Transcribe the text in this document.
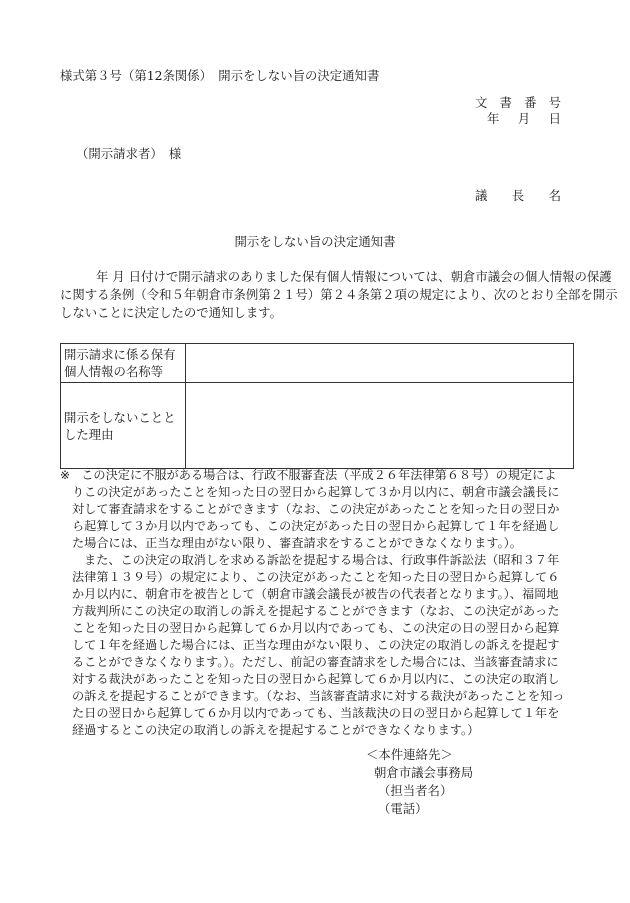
様式第３号（第12条関係）　開示をしない旨の決定通知書
文 書 番 号
年 月 日
（開示請求者）　様
議 長 名
開示をしない旨の決定通知書
年 月 日付けで開示請求のありました保有個人情報については、朝倉市議会の個人情報の保護
に関する条例（令和５年朝倉市条例第２１号）第２４条第２項の規定により、次のとおり全部を開示
しないことに決定したので通知します。
開示請求に係る保有
個人情報の名称等	

開示をしないことと
した理由	

※ この決定に不服がある場合は、行政不服審査法（平成２６年法律第６８号）の規定によ
りこの決定があったことを知った日の翌日から起算して３か月以内に、朝倉市議会議長に
対して審査請求をすることができます（なお、この決定があったことを知った日の翌日か
ら起算して３か月以内であっても、この決定があった日の翌日から起算して１年を経過し
た場合には、正当な理由がない限り、審査請求をすることができなくなります。）。
また、この決定の取消しを求める訴訟を提起する場合は、行政事件訴訟法（昭和３７年
法律第１３９号）の規定により、この決定があったことを知った日の翌日から起算して６
か月以内に、朝倉市を被告として（朝倉市議会議長が被告の代表者となります。）、福岡地
方裁判所にこの決定の取消しの訴えを提起することができます（なお、この決定があった
ことを知った日の翌日から起算して６か月以内であっても、この決定の日の翌日から起算
して１年を経過した場合には、正当な理由がない限り、この決定の取消しの訴えを提起す
ることができなくなります。）。ただし、前記の審査請求をした場合には、当該審査請求に
対する裁決があったことを知った日の翌日から起算して６か月以内に、この決定の取消し
の訴えを提起することができます。（なお、当該審査請求に対する裁決があったことを知っ
た日の翌日から起算して６か月以内であっても、当該裁決の日の翌日から起算して１年を
経過するとこの決定の取消しの訴えを提起することができなくなります。）
＜本件連絡先＞
朝倉市議会事務局
（担当者名）
（電話）
